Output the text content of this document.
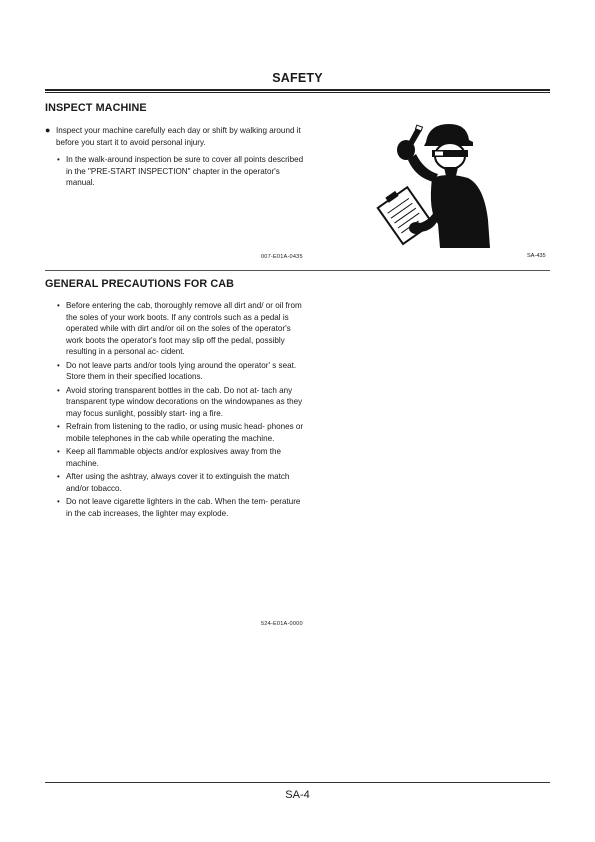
SAFETY
INSPECT MACHINE
● Inspect your machine carefully each day or shift by walking around it before you start it to avoid personal injury.
• In the walk-around inspection be sure to cover all points described in the "PRE-START INSPECTION" chapter in the operator's manual.
007-E01A-0435	SA-435
GENERAL PRECAUTIONS FOR CAB
• Before entering the cab, thoroughly remove all dirt and/ or oil from the soles of your work boots. If any controls such as a pedal is operated while with dirt and/or oil on the soles of the operator's work boots the operator's foot may slip off the pedal, possibly resulting in a personal ac- cident.
• Do not leave parts and/or tools lying around the operator' s seat. Store them in their specified locations.
• Avoid storing transparent bottles in the cab. Do not at- tach any transparent type window decorations on the windowpanes as they may focus sunlight, possibly start- ing a fire.
• Refrain from listening to the radio, or using music head- phones or mobile telephones in the cab while operating the machine.
• Keep all flammable objects and/or explosives away from the machine.
• After using the ashtray, always cover it to extinguish the match and/or tobacco.
• Do not leave cigarette lighters in the cab. When the tem- perature in the cab increases, the lighter may explode.
524-E01A-0000
SA-4
